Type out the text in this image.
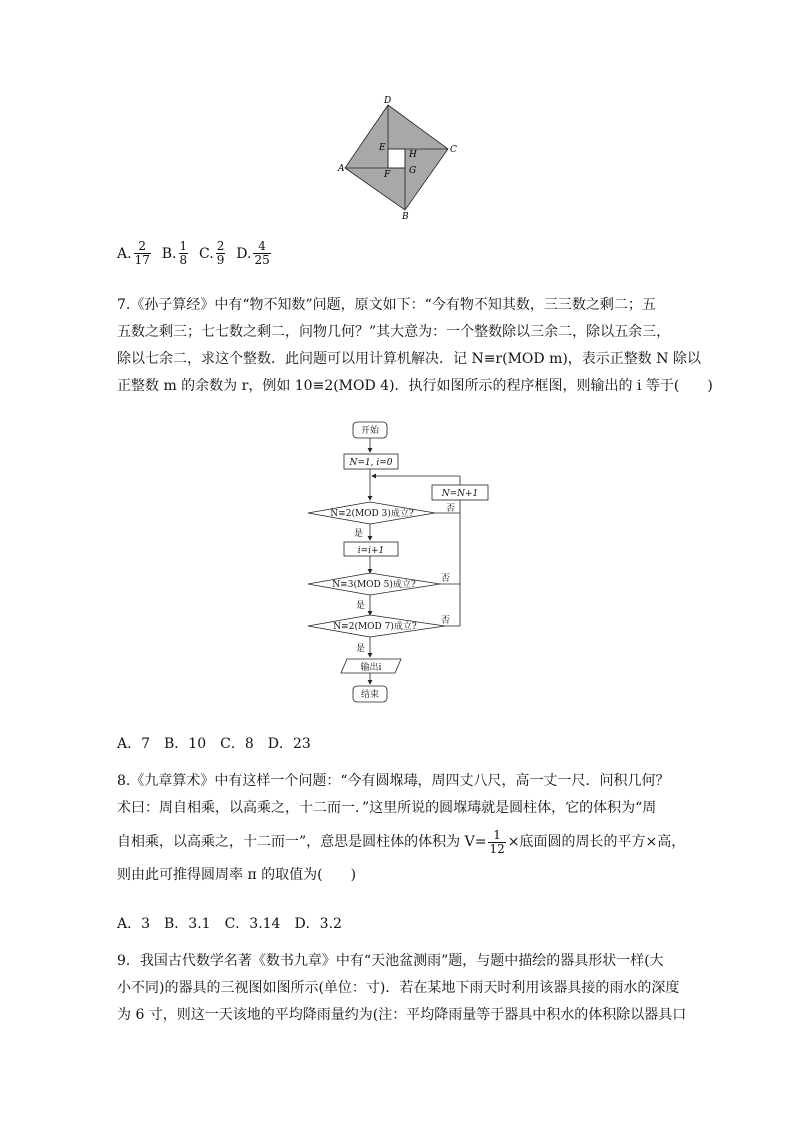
D
C
A
B
E
H
F G
A. $\frac{2}{17} B$. $\frac{1}{8} C$. $\frac{2}{9} D$. $\frac{4}{25}$
7.《孙子算经》中有“物不知数”问题，原文如下：“今有物不知其数，三三数之剩二；五
五数之剩三；七七数之剩二，问物几何？”其大意为：一个整数除以三余二，除以五余三，
除以七余二，求这个整数．此问题可以用计算机解决．记 N≡r(MOD m)，表示正整数 N 除以
正整数 m 的余数为 r，例如 10≡2(MOD 4)．执行如图所示的程序框图，则输出的 i 等于(　　)
开始
N=1, i=0
N≡2(MOD 3)成立?
i=i+1
N≡3(MOD 5)成立?
N≡2(MOD 7)成立?
输出i
结束
N=N+1
是
是
是
否
否
否
A．7　B．10　C．8　D．23
8.《九章算术》中有这样一个问题：“今有圆堢瑇，周四丈八尺，高一丈一尺．问积几何？
术曰：周自相乘，以高乘之，十二而一．”这里所说的圆堢瑇就是圆柱体，它的体积为“周
自相乘，以高乘之，十二而一”，意思是圆柱体的体积为 $V= \frac{1}{12}$ ×底面圆的周长的平方×高，
则由此可推得圆周率 π 的取值为(　　)
A．3　B．3.1　C．3.14　D．3.2
9．我国古代数学名著《数书九章》中有“天池盆测雨”题，与题中描绘的器具形状一样(大
小不同)的器具的三视图如图所示(单位：寸)．若在某地下雨天时利用该器具接的雨水的深度
为 6 寸，则这一天该地的平均降雨量约为(注：平均降雨量等于器具中积水的体积除以器具口
